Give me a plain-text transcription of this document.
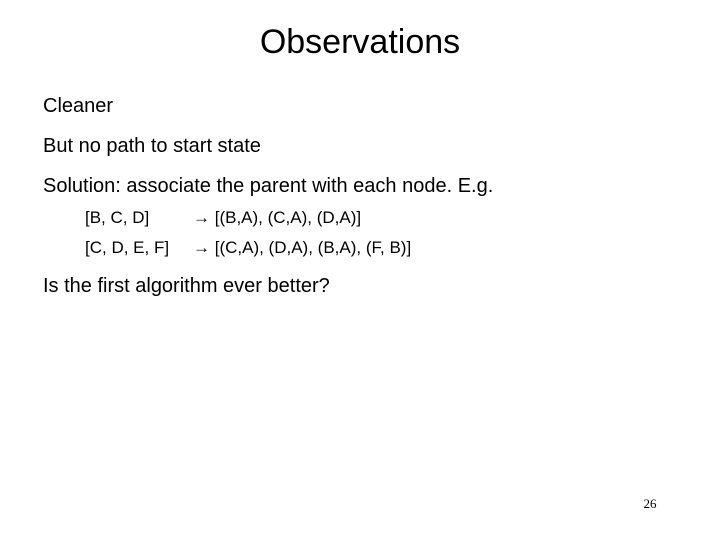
Observations
Cleaner
But no path to start state
Solution: associate the parent with each node. E.g.
Is the first algorithm ever better?
[B, C, D]	→ [(B,A), (C,A), (D,A)]
[C, D, E, F] → [(C,A), (D,A), (B,A), (F, B)]
26
